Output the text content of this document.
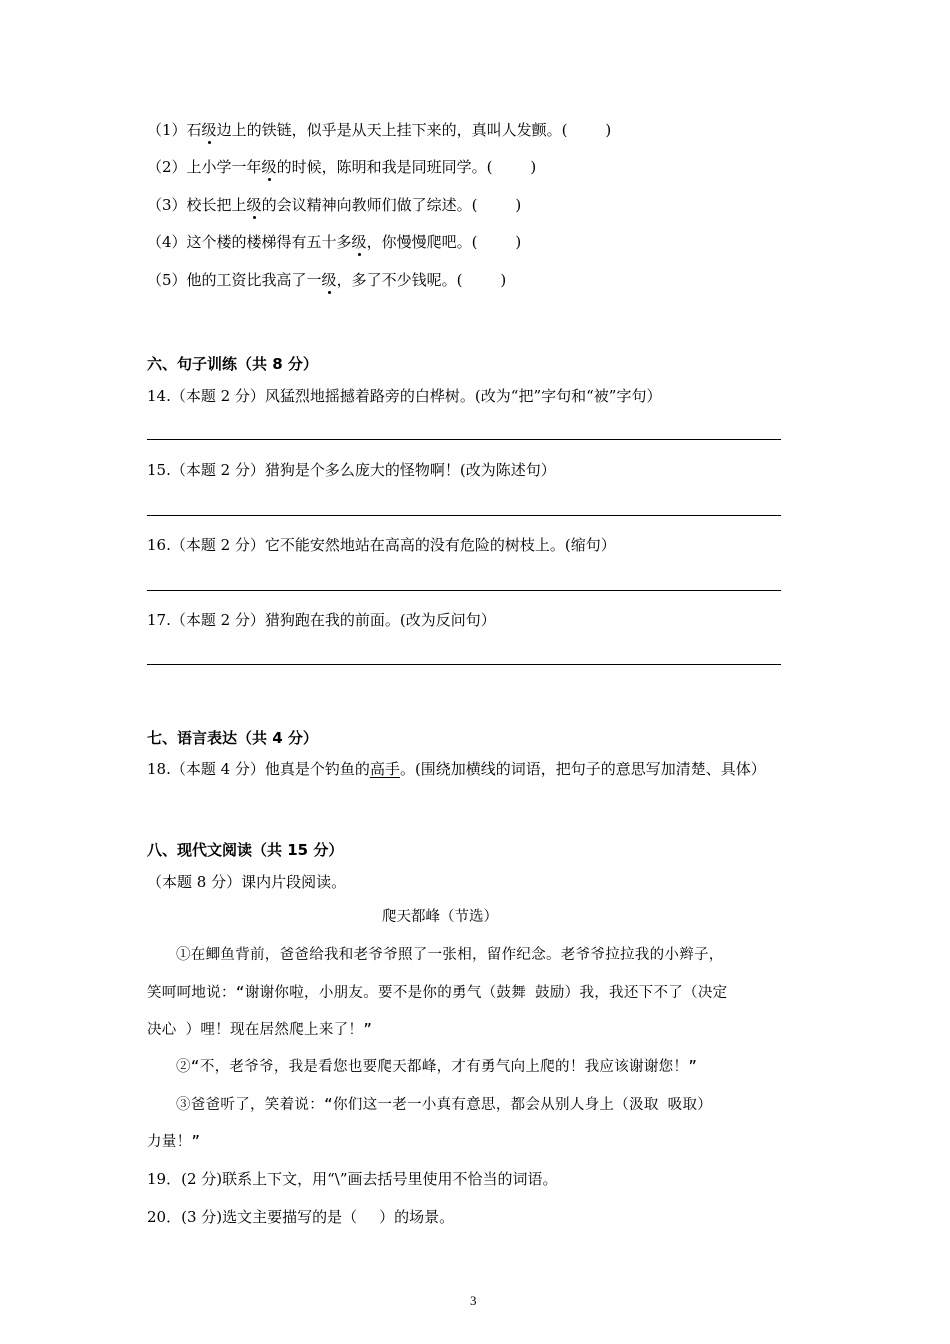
（1）石级边上的铁链，似乎是从天上挂下来的，真叫人发颤。(	)
（2）上小学一年级的时候，陈明和我是同班同学。(	)
（3）校长把上级的会议精神向教师们做了综述。(	)
（4）这个楼的楼梯得有五十多级，你慢慢爬吧。(	)
（5）他的工资比我高了一级，多了不少钱呢。(	)
六、句子训练（共 8 分）
14.（本题 2 分）风猛烈地摇撼着路旁的白桦树。(改为“把”字句和“被”字句）
15.（本题 2 分）猎狗是个多么庞大的怪物啊！(改为陈述句）
16.（本题 2 分）它不能安然地站在高高的没有危险的树枝上。(缩句）
17.（本题 2 分）猎狗跑在我的前面。(改为反问句）
七、语言表达（共 4 分）
18.（本题 4 分）他真是个钓鱼的高手。(围绕加横线的词语，把句子的意思写加清楚、具体）
八、现代文阅读（共 15 分）
（本题 8 分）课内片段阅读。
爬天都峰（节选）
①在鲫鱼背前，爸爸给我和老爷爷照了一张相，留作纪念。老爷爷拉拉我的小辫子，
笑呵呵地说：“谢谢你啦，小朋友。要不是你的勇气（鼓舞 鼓励）我，我还下不了（决定
决心 ）哩！现在居然爬上来了！”
②“不，老爷爷，我是看您也要爬天都峰，才有勇气向上爬的！我应该谢谢您！”
③爸爸听了，笑着说：“你们这一老一小真有意思，都会从别人身上（汲取 吸取）
力量！”
19．(2 分)联系上下文，用“\”画去括号里使用不恰当的词语。
20．(3 分)选文主要描写的是（ ）的场景。
3
